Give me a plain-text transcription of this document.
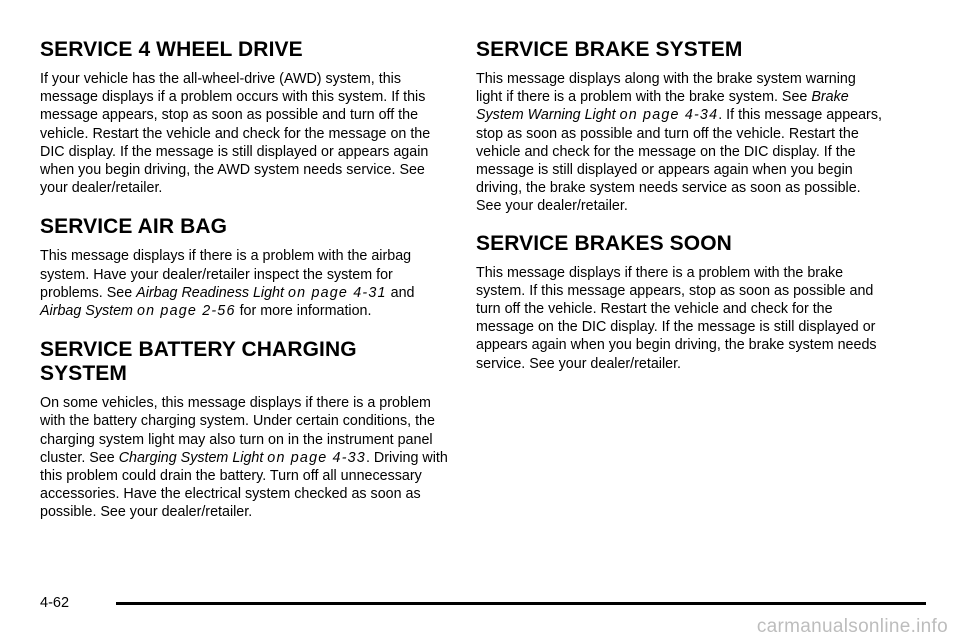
SERVICE 4 WHEEL DRIVE

If your vehicle has the all-wheel-drive (AWD) system, this message displays if a problem occurs with this system. If this message appears, stop as soon as possible and turn off the vehicle. Restart the vehicle and check for the message on the DIC display. If the message is still displayed or appears again when you begin driving, the AWD system needs service. See your dealer/retailer.

SERVICE AIR BAG

This message displays if there is a problem with the airbag system. Have your dealer/retailer inspect the system for problems. See Airbag Readiness Light on page 4-31 and Airbag System on page 2-56 for more information.

SERVICE BATTERY CHARGING SYSTEM

On some vehicles, this message displays if there is a problem with the battery charging system. Under certain conditions, the charging system light may also turn on in the instrument panel cluster. See Charging System Light on page 4-33. Driving with this problem could drain the battery. Turn off all unnecessary accessories. Have the electrical system checked as soon as possible. See your dealer/retailer.

SERVICE BRAKE SYSTEM

This message displays along with the brake system warning light if there is a problem with the brake system. See Brake System Warning Light on page 4-34. If this message appears, stop as soon as possible and turn off the vehicle. Restart the vehicle and check for the message on the DIC display. If the message is still displayed or appears again when you begin driving, the brake system needs service as soon as possible. See your dealer/retailer.

SERVICE BRAKES SOON

This message displays if there is a problem with the brake system. If this message appears, stop as soon as possible and turn off the vehicle. Restart the vehicle and check for the message on the DIC display. If the message is still displayed or appears again when you begin driving, the brake system needs service. See your dealer/retailer.

4-62
carmanualsonline.info
